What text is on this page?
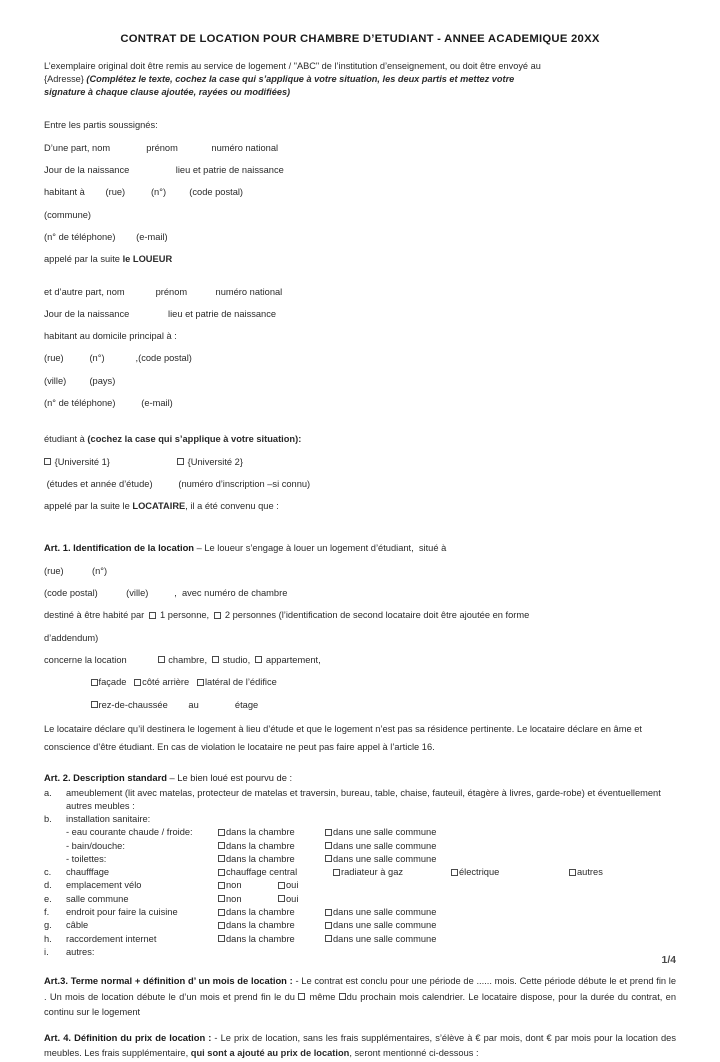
CONTRAT DE LOCATION POUR CHAMBRE D’ETUDIANT - ANNEE ACADEMIQUE 20XX
L’exemplaire original doit être remis au service de logement / "ABC" de l’institution d’enseignement, ou doit être envoyé au
{Adresse} (Complétez le texte, cochez la case qui s’applique à votre situation, les deux partis et mettez votre
signature à chaque clause ajoutée, rayées ou modifiées)
Entre les partis soussignés:
D’une part, nom              prénom             numéro national
Jour de la naissance                  lieu et patrie de naissance
habitant à        (rue)          (n°)         (code postal)
(commune)
(n° de téléphone)        (e-mail)
appelé par la suite le LOUEUR
et d’autre part, nom            prénom           numéro national
Jour de la naissance               lieu et patrie de naissance
habitant au domicile principal à :
(rue)          (n°)            ,(code postal)
(ville)         (pays)
(n° de téléphone)          (e-mail)
étudiant à (cochez la case qui s’applique à votre situation):
{Université 1}	{Université 2}
(études et année d’étude)          (numéro d’inscription –si connu)
appelé par la suite le LOCATAIRE, il a été convenu que :
Art. 1. Identification de la location – Le loueur s’engage à louer un logement d’étudiant,  situé à
(rue)           (n°)
(code postal)           (ville)          ,  avec numéro de chambre
destiné à être habité par   1 personne,   2 personnes (l’identification de second locataire doit être ajoutée en forme
d’addendum)
concerne la location             chambre,   studio,   appartement,
façade   côté arrière   latéral de l’édifice
rez-de-chaussée        au              étage
Le locataire déclare qu’il destinera le logement à lieu d’étude et que le logement n’est pas sa résidence pertinente. Le locataire déclare en âme et conscience d’être étudiant. En cas de violation le locataire ne peut pas faire appel à l’article 16.
Art. 2. Description standard – Le bien loué est pourvu de :
a.	ameublement (lit avec matelas, protecteur de matelas et traversin, bureau, table, chaise, fauteuil, étagère à livres, garde-robe) et éventuellement autres meubles :
b.	installation sanitaire:
- eau courante chaude / froide:	dans la chambre	dans une salle commune
- bain/douche:	dans la chambre	dans une salle commune
- toilettes:	dans la chambre	dans une salle commune
c.	chaufffage	chauffage central	radiateur à gaz	électrique	autres
d.	emplacement vélo	non	oui
e.	salle commune	non	oui
f.	endroit pour faire la cuisine	dans la chambre	dans une salle commune
g.	câble	dans la chambre	dans une salle commune
h.	raccordement internet	dans la chambre	dans une salle commune
i.	autres:
Art.3. Terme normal + définition d’ un mois de location : - Le contrat est conclu pour une période de ...... mois. Cette période débute le et prend fin le . Un mois de location débute le d’un mois et prend fin le du  même du prochain mois calendrier. Le locataire dispose, pour la durée du contrat, en continu sur le logement
Art. 4. Définition du prix de location : - Le prix de location, sans les frais supplémentaires, s’élève à € par mois, dont € par mois pour la location des meubles. Les frais supplémentaire, qui sont a ajouté au prix de location, seront mentionné ci-dessous :
1/4
